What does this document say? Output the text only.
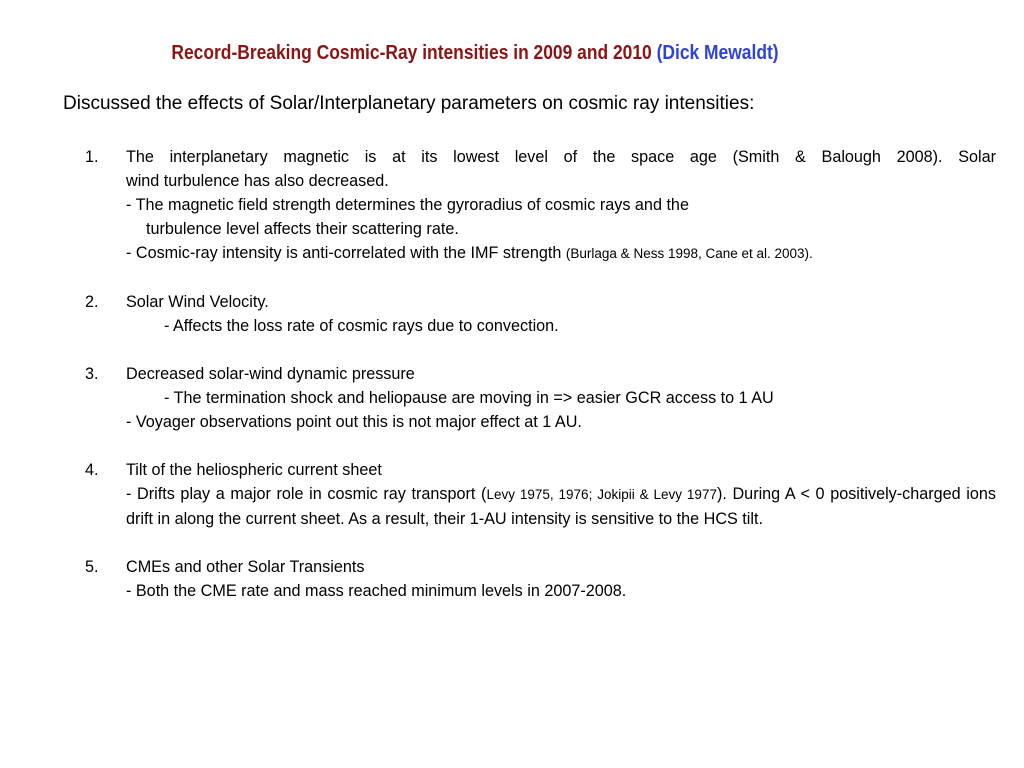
Record-Breaking Cosmic-Ray intensities in 2009 and 2010 (Dick Mewaldt)
Discussed the effects of Solar/Interplanetary parameters on cosmic ray intensities:
1. The interplanetary magnetic is at its lowest level of the space age (Smith & Balough 2008). Solar
wind turbulence has also decreased.
- The magnetic field strength determines the gyroradius of cosmic rays and the
turbulence level affects their scattering rate.
- Cosmic-ray intensity is anti-correlated with the IMF strength (Burlaga & Ness 1998, Cane et al. 2003).
2. Solar Wind Velocity.
- Affects the loss rate of cosmic rays due to convection.
3. Decreased solar-wind dynamic pressure
- The termination shock and heliopause are moving in => easier GCR access to 1 AU
- Voyager observations point out this is not major effect at 1 AU.
4. Tilt of the heliospheric current sheet
- Drifts play a major role in cosmic ray transport (Levy 1975, 1976; Jokipii & Levy 1977). During A < 0 positively-charged ions drift in along the current sheet. As a result, their 1-AU intensity is sensitive to the HCS tilt.
5. CMEs and other Solar Transients
- Both the CME rate and mass reached minimum levels in 2007-2008.
